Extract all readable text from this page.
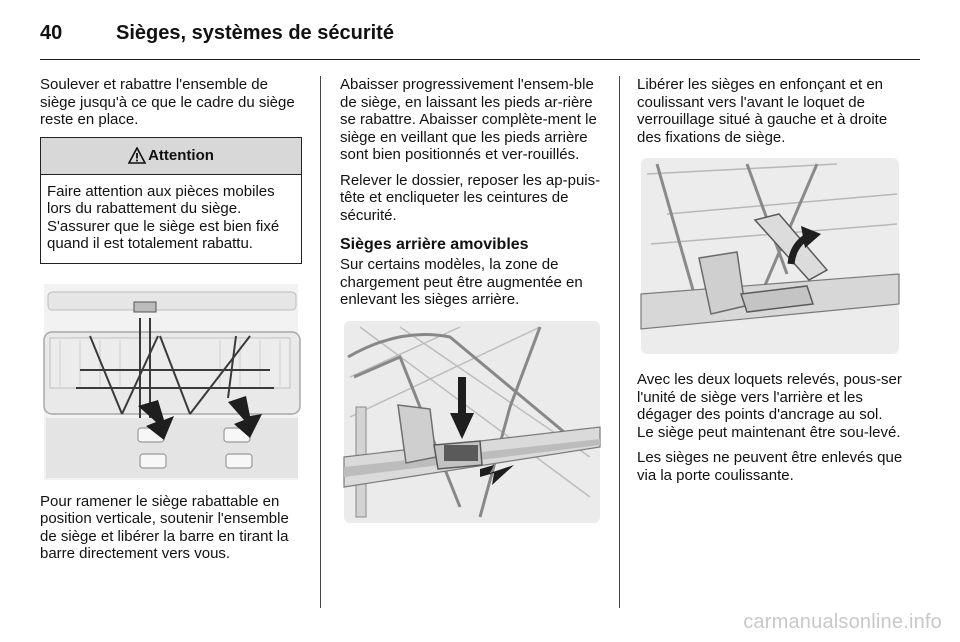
40	Sièges, systèmes de sécurité

Soulever et rabattre l'ensemble de siège jusqu'à ce que le cadre du siège reste en place.

Attention
Faire attention aux pièces mobiles lors du rabattement du siège. S'assurer que le siège est bien fixé quand il est totalement rabattu.

Pour ramener le siège rabattable en position verticale, soutenir l'ensemble de siège et libérer la barre en tirant la barre directement vers vous.

Abaisser progressivement l'ensem-ble de siège, en laissant les pieds ar-rière se rabattre. Abaisser complète-ment le siège en veillant que les pieds arrière sont bien positionnés et ver-rouillés.

Relever le dossier, reposer les ap-puis-tête et encliqueter les ceintures de sécurité.

Sièges arrière amovibles

Sur certains modèles, la zone de chargement peut être augmentée en enlevant les sièges arrière.

Libérer les sièges en enfonçant et en coulissant vers l'avant le loquet de verrouillage situé à gauche et à droite des fixations de siège.

Avec les deux loquets relevés, pous-ser l'unité de siège vers l'arrière et les dégager des points d'ancrage au sol. Le siège peut maintenant être sou-levé.

Les sièges ne peuvent être enlevés que via la porte coulissante.

carmanualsonline.info
